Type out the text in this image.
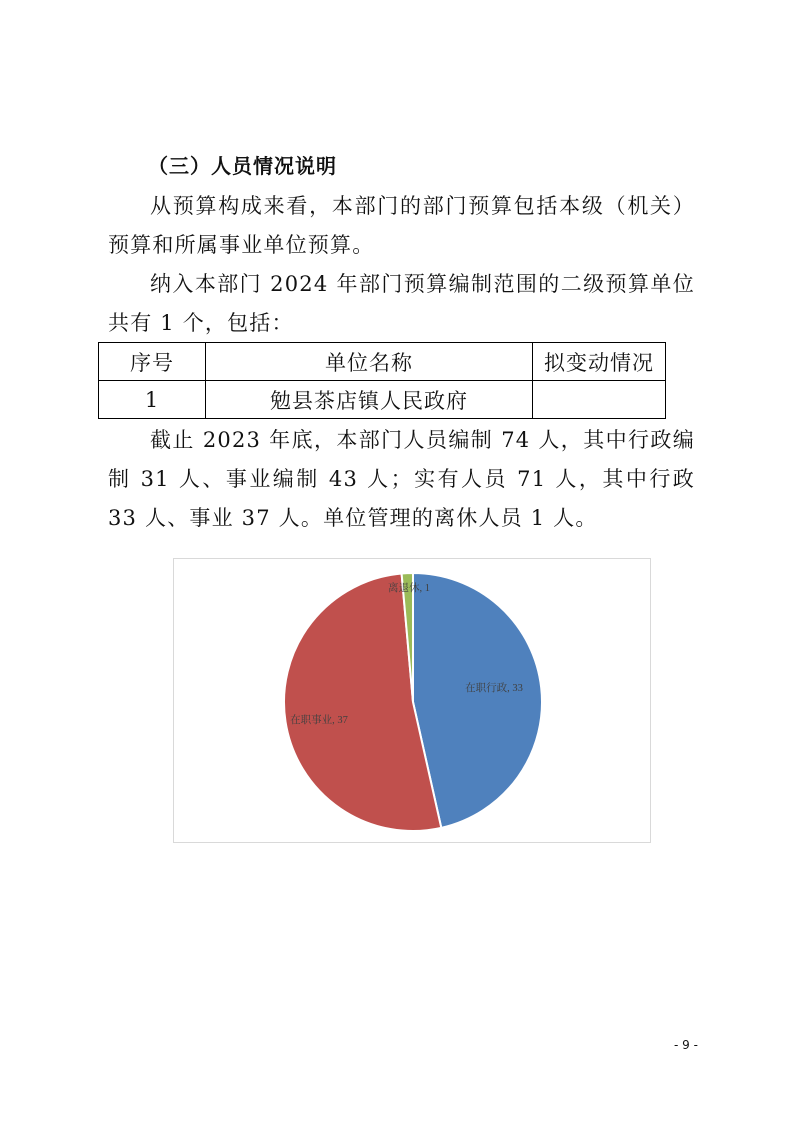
（三）人员情况说明

从预算构成来看，本部门的部门预算包括本级（机关）预算和所属事业单位预算。

纳入本部门 2024 年部门预算编制范围的二级预算单位共有 1 个，包括：

序号	单位名称	拟变动情况
1	勉县茶店镇人民政府	

截止 2023 年底，本部门人员编制 74 人，其中行政编制 31 人、事业编制 43 人；实有人员 71 人，其中行政 33 人、事业 37 人。单位管理的离休人员 1 人。

在职行政, 33
在职事业, 37
离退休, 1
- 9 -
